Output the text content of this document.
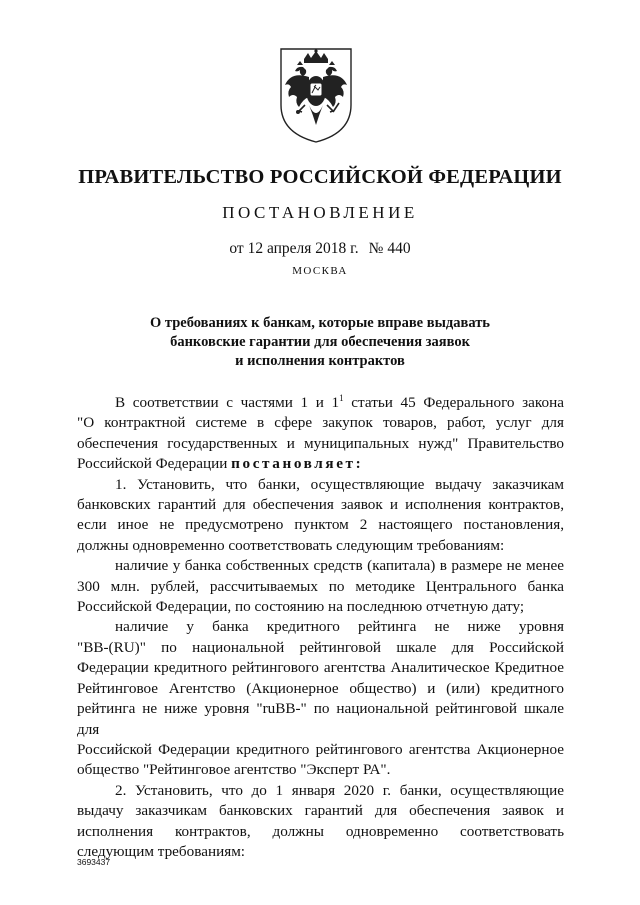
ПРАВИТЕЛЬСТВО РОССИЙСКОЙ ФЕДЕРАЦИИ
ПОСТАНОВЛЕНИЕ
от 12 апреля 2018 г. № 440
МОСКВА
О требованиях к банкам, которые вправе выдавать
банковские гарантии для обеспечения заявок
и исполнения контрактов

В соответствии с частями 1 и $1^1$ статьи 45 Федерального закона

"О контрактной системе в сфере закупок товаров, работ, услуг для

обеспечения государственных и муниципальных нужд" Правительство

Российской Федерации постановляет:

1. Установить, что банки, осуществляющие выдачу заказчикам

банковских гарантий для обеспечения заявок и исполнения контрактов,

если иное не предусмотрено пунктом 2 настоящего постановления,

должны одновременно соответствовать следующим требованиям:

наличие у банка собственных средств (капитала) в размере не менее

300 млн. рублей, рассчитываемых по методике Центрального банка

Российской Федерации, по состоянию на последнюю отчетную дату;

наличие у банка кредитного рейтинга не ниже уровня

"BB-(RU)" по национальной рейтинговой шкале для Российской

Федерации кредитного рейтингового агентства Аналитическое Кредитное

Рейтинговое Агентство (Акционерное общество) и (или) кредитного

рейтинга не ниже уровня "ruBB-" по национальной рейтинговой шкале для

Российской Федерации кредитного рейтингового агентства Акционерное

общество "Рейтинговое агентство "Эксперт РА".

2. Установить, что до 1 января 2020 г. банки, осуществляющие

выдачу заказчикам банковских гарантий для обеспечения заявок и

исполнения контрактов, должны одновременно соответствовать

следующим требованиям:

3693437
